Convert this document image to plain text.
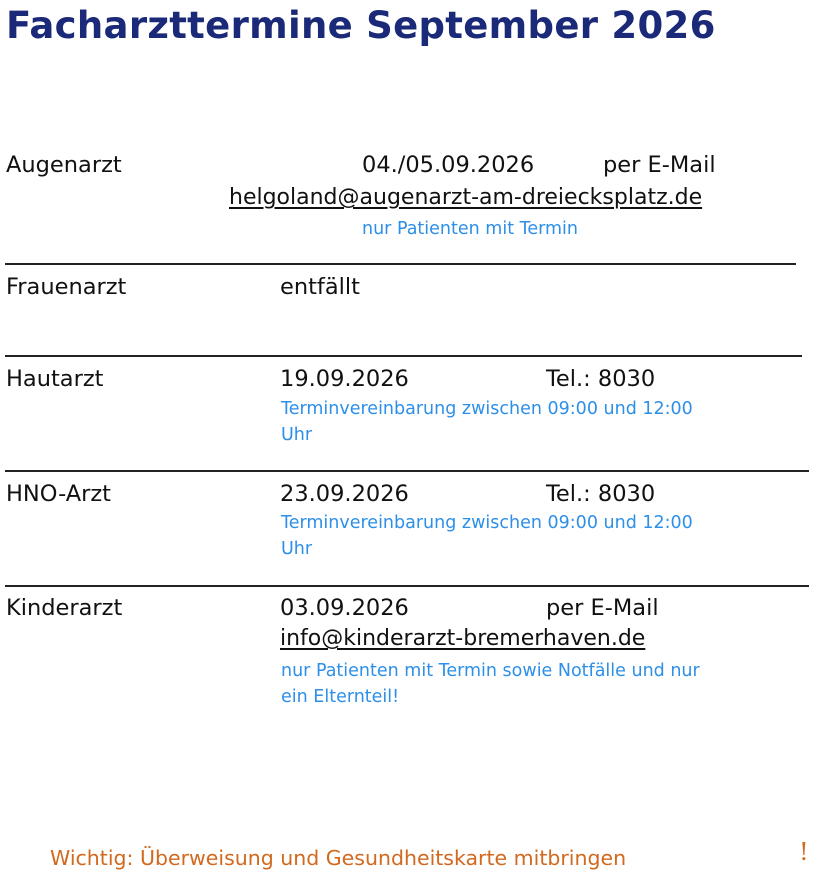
Facharzttermine September 2026
Augenarzt	04./05.09.2026	per E-Mail
helgoland@augenarzt-am-dreiecksplatz.de
nur Patienten mit Termin
Frauenarzt	entfällt
Hautarzt	19.09.2026	Tel.: 8030
Terminvereinbarung zwischen 09:00 und 12:00
Uhr
HNO-Arzt	23.09.2026	Tel.: 8030
Terminvereinbarung zwischen 09:00 und 12:00
Uhr
Kinderarzt	03.09.2026	per E-Mail
info@kinderarzt-bremerhaven.de
nur Patienten mit Termin sowie Notfälle und nur
ein Elternteil!
Wichtig: Überweisung und Gesundheitskarte mitbringen	!
